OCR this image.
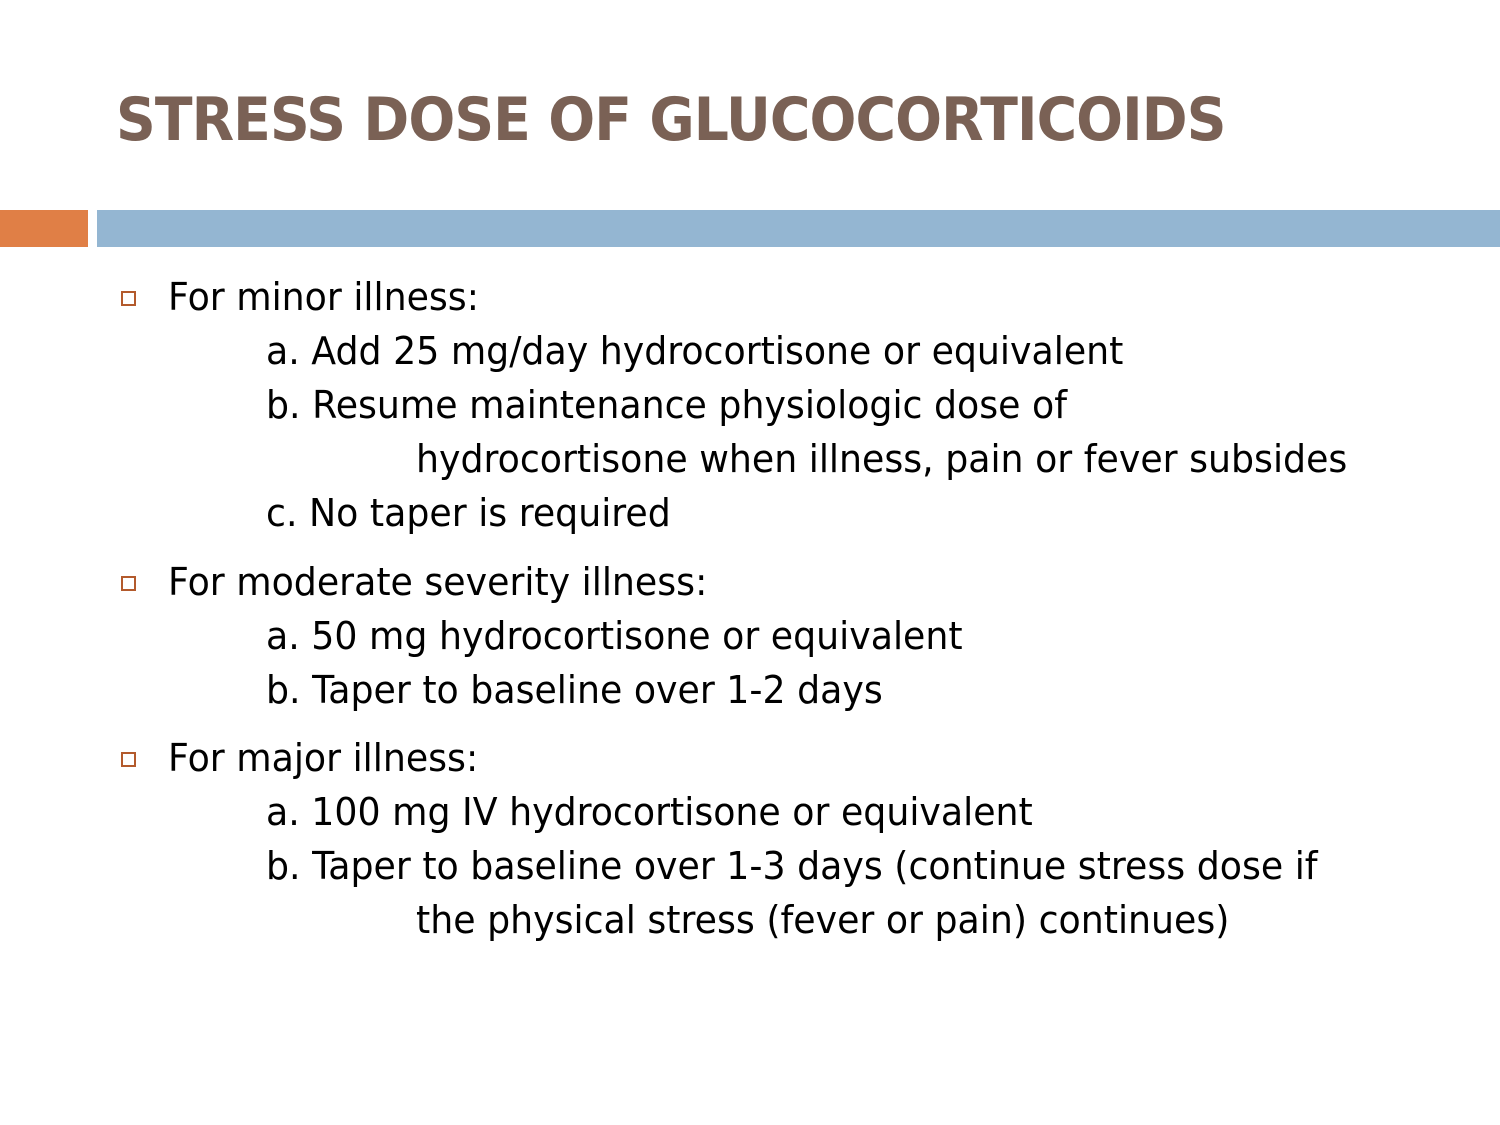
STRESS DOSE OF GLUCOCORTICOIDS
For minor illness:
a. Add 25 mg/day hydrocortisone or equivalent
b. Resume maintenance physiologic dose of
hydrocortisone when illness, pain or fever subsides
c. No taper is required
For moderate severity illness:
a. 50 mg hydrocortisone or equivalent
b. Taper to baseline over 1-2 days
For major illness:
a. 100 mg IV hydrocortisone or equivalent
b. Taper to baseline over 1-3 days (continue stress dose if
the physical stress (fever or pain) continues)
